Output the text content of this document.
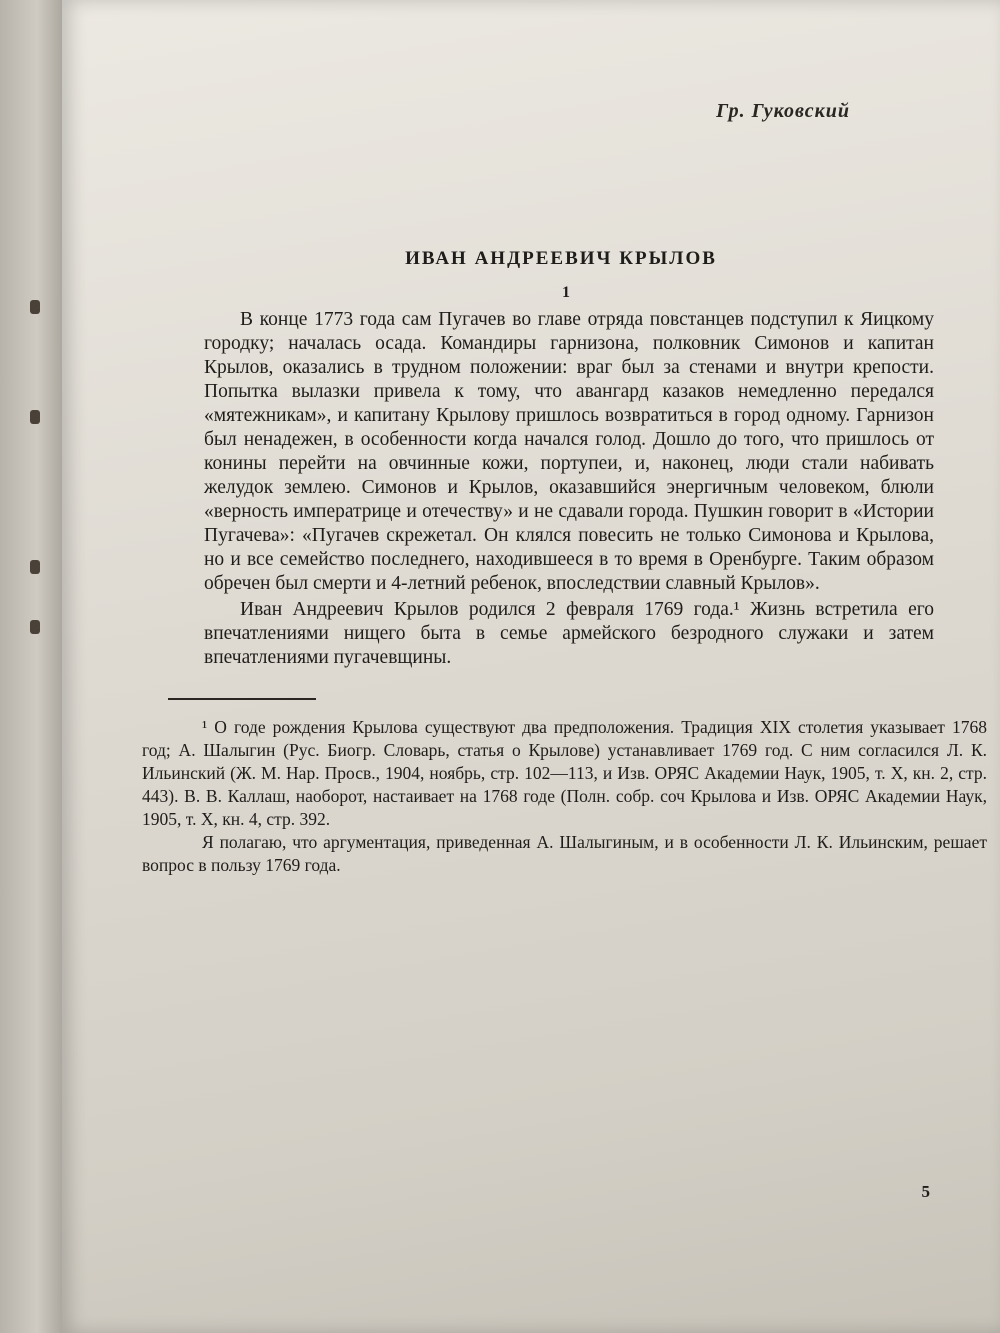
Гр. Гуковский
ИВАН АНДРЕЕВИЧ КРЫЛОВ
1

В конце 1773 года сам Пугачев во главе отряда повстанцев подступил к Яицкому городку; началась осада. Командиры гарнизона, полковник Симонов и капитан Крылов, оказались в трудном положении: враг был за стенами и внутри крепости. Попытка вылазки привела к тому, что авангард казаков немедленно передался «мятежникам», и капитану Крылову пришлось возвратиться в город одному. Гарнизон был ненадежен, в особенности когда начался голод. Дошло до того, что пришлось от конины перейти на овчинные кожи, портупеи, и, наконец, люди стали набивать желудок землею. Симонов и Крылов, оказавшийся энергичным человеком, блюли «верность императрице и отечеству» и не сдавали города. Пушкин говорит в «Истории Пугачева»: «Пугачев скрежетал. Он клялся повесить не только Симонова и Крылова, но и все семейство последнего, находившееся в то время в Оренбурге. Таким образом обречен был смерти и 4-летний ребенок, впоследствии славный Крылов».

Иван Андреевич Крылов родился 2 февраля 1769 года.¹ Жизнь встретила его впечатлениями нищего быта в семье армейского безродного служаки и затем впечатлениями пугачевщины.

¹ О годе рождения Крылова существуют два предположения. Традиция XIX столетия указывает 1768 год; А. Шалыгин (Рус. Биогр. Словарь, статья о Крылове) устанавливает 1769 год. С ним согласился Л. К. Ильинский (Ж. М. Нар. Просв., 1904, ноябрь, стр. 102—113, и Изв. ОРЯС Академии Наук, 1905, т. X, кн. 2, стр. 443). В. В. Каллаш, наоборот, настаивает на 1768 годе (Полн. собр. соч Крылова и Изв. ОРЯС Академии Наук, 1905, т. X, кн. 4, стр. 392.

Я полагаю, что аргументация, приведенная А. Шалыгиным, и в особенности Л. К. Ильинским, решает вопрос в пользу 1769 года.

5
